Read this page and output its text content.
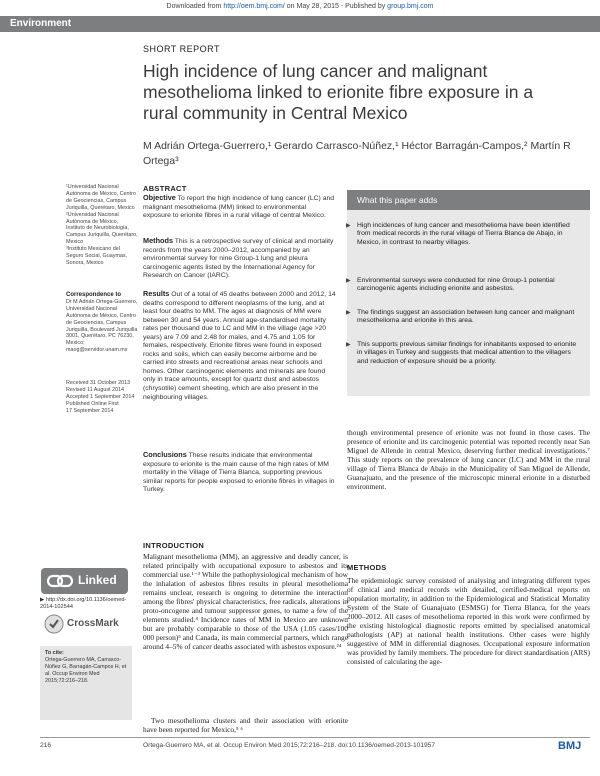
Downloaded from http://oem.bmj.com/ on May 28, 2015 - Published by group.bmj.com
Environment
SHORT REPORT
High incidence of lung cancer and malignant mesothelioma linked to erionite fibre exposure in a rural community in Central Mexico
M Adrián Ortega-Guerrero,¹ Gerardo Carrasco-Núñez,¹ Héctor Barragán-Campos,² Martín R Ortega³
¹Universidad Nacional Autónoma de México, Centro de Geociencias, Campus Juriquilla, Querétaro, Mexico
²Universidad Nacional Autónoma de México, Instituto de Neurobiología, Campus Juriquilla, Querétaro, Mexico
³Instituto Mexicano del Seguro Social, Guaymas, Sonora, Mexico
Correspondence to
Dr M Adrián Ortega-Guerrero, Universidad Nacional Autónoma de México, Centro de Geociencias, Campus Juriquilla, Boulevard Juriquilla 3001, Querétaro, PC 76230, Mexico; maog@servidor.unam.mx
Received 31 October 2013
Revised 11 August 2014
Accepted 1 September 2014
Published Online First
17 September 2014
ABSTRACT
Objective To report the high incidence of lung cancer (LC) and malignant mesothelioma (MM) linked to environmental exposure to erionite fibres in a rural village of central Mexico.
Methods This is a retrospective survey of clinical and mortality records from the years 2000–2012, accompanied by an environmental survey for nine Group-1 lung and pleura carcinogenic agents listed by the International Agency for Research on Cancer (IARC).
Results Out of a total of 45 deaths between 2000 and 2012, 14 deaths correspond to different neoplasms of the lung, and at least four deaths to MM. The ages at diagnosis of MM were between 30 and 54 years. Annual age-standardised mortality rates per thousand due to LC and MM in the village (age >20 years) are 7.09 and 2.48 for males, and 4.75 and 1.05 for females, respectively. Erionite fibres were found in exposed rocks and soils, which can easily become airborne and be carried into streets and recreational areas near schools and homes. Other carcinogenic elements and minerals are found only in trace amounts, except for quartz dust and asbestos (chrysotile) cement sheeting, which are also present in the neighbouring villages.
Conclusions These results indicate that environmental exposure to erionite is the main cause of the high rates of MM mortality in the Village of Tierra Blanca, supporting previous similar reports for people exposed to erionite fibres in villages in Turkey.
What this paper adds
▶ High incidences of lung cancer and mesothelioma have been identified from medical records in the rural village of Tierra Blanca de Abajo, in Mexico, in contrast to nearby villages.
▶ Environmental surveys were conducted for nine Group-1 potential carcinogenic agents including erionite and asbestos.
▶ The findings suggest an association between lung cancer and malignant mesothelioma and erionite in this area.
▶ This supports previous similar findings for inhabitants exposed to erionite in villages in Turkey and suggests that medical attention to the villagers and reduction of exposure should be a priority.
though environmental presence of erionite was not found in those cases. The presence of erionite and its carcinogenic potential was reported recently near San Miguel de Allende in central Mexico, deserving further medical investigations.⁷ This study reports on the prevalence of lung cancer (LC) and MM in the rural village of Tierra Blanca de Abajo in the Municipality of San Miguel de Allende, Guanajuato, and the presence of the microscopic mineral erionite in a disturbed environment.
METHODS
The epidemiologic survey consisted of analysing and integrating different types of clinical and medical records with detailed, certified-medical reports on population mortality, in addition to the Epidemiological and Statistical Mortality System of the State of Guanajuato (ESMSG) for Tierra Blanca, for the years 2000–2012. All cases of mesothelioma reported in this work were confirmed by the existing histological diagnostic reports emitted by specialised anatomical pathologists (AP) at national health institutions. Other cases were highly suggestive of MM in differential diagnoses. Occupational exposure information was provided by family members. The procedure for direct standardisation (ARS) consisted of calculating the age-
INTRODUCTION
Malignant mesothelioma (MM), an aggressive and deadly cancer, is related principally with occupational exposure to asbestos and its commercial use.¹⁻³ While the pathophysiological mechanism of how the inhalation of asbestos fibres results in pleural mesothelioma remains unclear, research is ongoing to determine the interaction among the fibres' physical characteristics, free radicals, alterations in proto-oncogene and tumour suppressor genes, to name a few of the elements studied.⁴ Incidence rates of MM in Mexico are unknown but are probably comparable to those of the USA (1.05 cases/100 000 person)⁵ and Canada, its main commercial partners, which range around 4–5% of cancer deaths associated with asbestos exposure.²⁴
Two mesothelioma clusters and their association with erionite have been reported for Mexico,⁵ ⁶
Linked
▶ http://dx.doi.org/10.1136/oemed-2014-102544
CrossMark
To cite:
Ortega-Guerrero MA, Carrasco-Núñez G, Barragán-Campos H, et al. Occup Environ Med 2015;72:216–218.
216	Ortega-Guerrero MA, et al. Occup Environ Med 2015;72:216–218. doi:10.1136/oemed-2013-101957	BMJ
